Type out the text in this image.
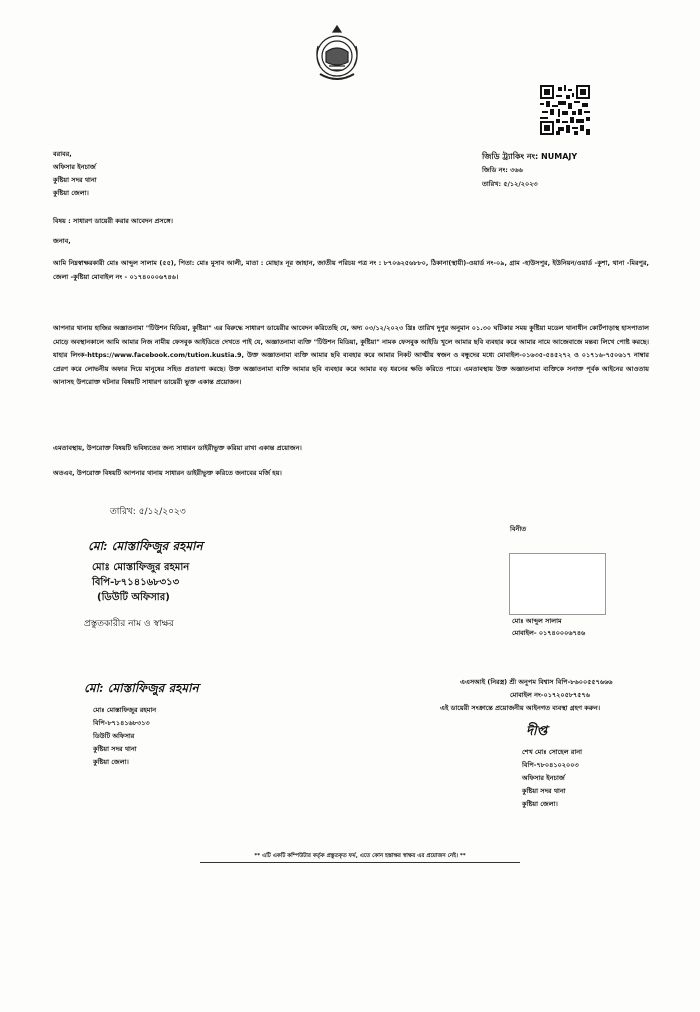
জিডি ট্র্যাকিং নং: NUMAJY
জিডি নং: ৩৬৬
তারিখ: ৫/১২/২০২৩
বরাবর,
অফিসার ইনচার্জ
কুষ্টিয়া সদর থানা
কুষ্টিয়া জেলা।
বিষয় : সাধারণ ডায়েরী করার আবেদন প্রসঙ্গে।
জনাব,
আমি নিম্নস্বাক্ষরকারী মোঃ আব্দুল সালাম (৫৫), পিতা: মোঃ মুসাব আলী, মাতা : মোছাঃ নূর জাহান, জাতীয় পরিচয় পত্র নং : ৮৭০৬২৫৬৮৮০, ঠিকানা(স্থায়ী)-ওয়ার্ড নং-০৯, গ্রাম -হাউসপুর, ইউনিয়ন/ওয়ার্ড -কুশা, থানা -মিরপুর, জেলা -কুষ্টিয়া মোবাইল নং - ০১৭৪০০০৬৭৪৬।
আপনার থানায় হাজির অজ্ঞাতনামা "টিউশন মিডিয়া, কুষ্টিয়া" এর বিরুদ্ধে সাধারণ ডায়েরীর আবেদন করিতেছি যে, অদ্য ০৩/১২/২০২৩ খ্রিঃ তারিখ দুপুর অনুমান ০১.৩০ ঘটিকার সময় কুষ্টিয়া মডেল থানাধীন কোর্টপাড়াস্থ হাসপাতাল মোড়ে অবস্থানকালে আমি আমার নিজ নামীয় ফেসবুক আইডিতে দেখতে পাই যে, অজ্ঞাতনামা ব্যক্তি "টিউশন মিডিয়া, কুষ্টিয়া" নামক ফেসবুক আইডি খুলে আমার ছবি ব্যবহার করে আমার নামে আজেবাজে মন্তব্য লিখে পোষ্ট করছে। যাহার লিংক-https://www.facebook.com/tution.kustia.9, উক্ত অজ্ঞাতনামা ব্যক্তি আমার ছবি ব্যবহার করে আমার নিকট আত্মীয় স্বজন ও বন্ধুদের মধ্যে মোবাইল-০১৬৩৫-৫৪৫২৭২ ও ০১৭১৬-৭৫০৬১৭ নাম্বার প্রেরণ করে লোভনীয় অফার দিয়ে মানুষের সহিত প্রতারণা করছে। উক্ত অজ্ঞাতনামা ব্যক্তি আমার ছবি ব্যবহার করে আমার বড় ধরনের ক্ষতি করিতে পারে। এমতাবস্থায় উক্ত অজ্ঞাতনামা ব্যক্তিকে সনাক্ত পূর্বক আইনের আওতায় আনাসহ উপরোক্ত ঘটনার বিষয়টি সাধারণ ডায়েরী ভুক্ত একান্ত প্রয়োজন।
এমতাবস্থায়, উপরোক্ত বিষয়টি ভবিষ্যতের জন্য সাধারন ডাইরীভুক্ত করিয়া রাখা একান্ত প্রয়োজন।
অতএব, উপরোক্ত বিষয়টি আপনার থানায় সাধারন ডাইরীভুক্ত করিতে জনাবের মর্জি হয়।
তারিখ: ৫/১২/২০২৩
মো: মোস্তাফিজুর রহমান
মোঃ মোস্তাফিজুর রহমান
বিপি-৮৭১৪১৬৮৩১৩
(ডিউটি অফিসার)
প্রস্তুতকারীর নাম ও স্বাক্ষর
বিনীত
মোঃ আব্দুল সালাম
মোবাইল- ০১৭৪০০০৬৭৪৬
মো: মোস্তাফিজুর রহমান
মোঃ মোস্তাফিজুর রহমান
বিপি-৮৭১৪১৬৮৩১৩
ডিউটি অফিসার
কুষ্টিয়া সদর থানা
কুষ্টিয়া জেলা।
এএসআই (নিরস্ত্র) শ্রী অনুপম বিশ্বাস বিপি-৮৬০০৫৫৭৬৬৬
মোবাইল নং-০১৭২০৫৮৭৫৭৬
এই ডায়েরী সংক্রান্তে প্রয়োজনীয় আইনগত ব্যবস্থা গ্রহণ করুন।
দীপ্ত
শেখ মোঃ সোহেল রানা
বিপি-৭৮০৪১০২০০৩
অফিসার ইনচার্জ
কুষ্টিয়া সদর থানা
কুষ্টিয়া জেলা।
** এটি একটি কম্পিউটার কর্তৃক প্রস্তুতকৃত ফর্ম, এতে কোন হস্তাক্ষর স্বাক্ষর এর প্রয়োজন নেই। **
